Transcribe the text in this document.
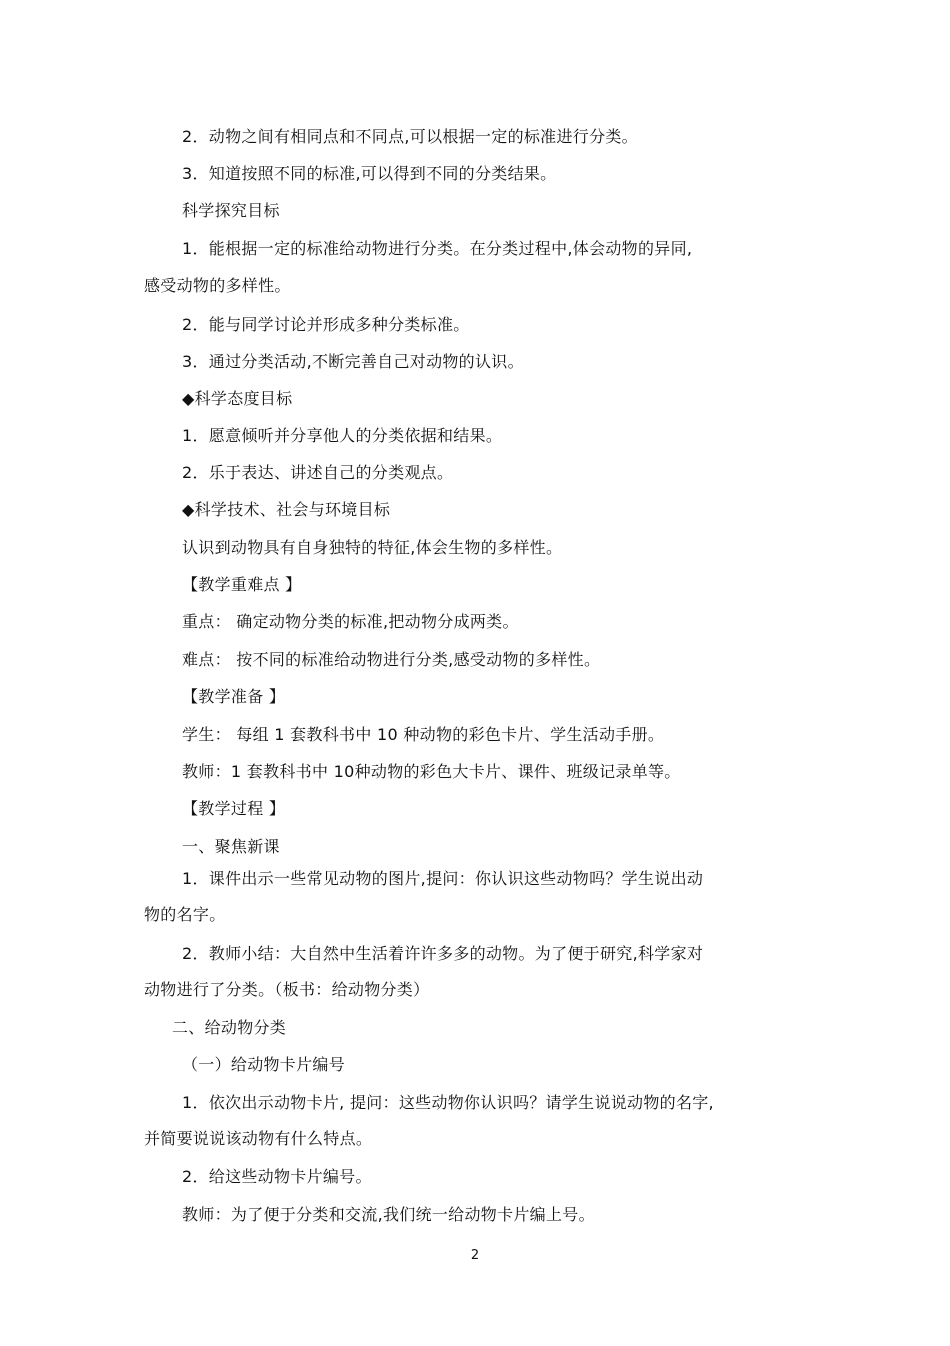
2．动物之间有相同点和不同点,可以根据一定的标准进行分类。
3．知道按照不同的标准,可以得到不同的分类结果。
科学探究目标
1．能根据一定的标准给动物进行分类。在分类过程中,体会动物的异同,
感受动物的多样性。
2．能与同学讨论并形成多种分类标准。
3．通过分类活动,不断完善自己对动物的认识。
◆科学态度目标
1．愿意倾听并分享他人的分类依据和结果。
2．乐于表达、讲述自己的分类观点。
◆科学技术、社会与环境目标
认识到动物具有自身独特的特征,体会生物的多样性。
【教学重难点 】
重点： 确定动物分类的标准,把动物分成两类。
难点： 按不同的标准给动物进行分类,感受动物的多样性。
【教学准备 】
学生： 每组 1 套教科书中 10 种动物的彩色卡片、学生活动手册。
教师：1 套教科书中 10种动物的彩色大卡片、课件、班级记录单等。
【教学过程 】
一、聚焦新课
1．课件出示一些常见动物的图片,提问：你认识这些动物吗？学生说出动
物的名字。
2．教师小结：大自然中生活着许许多多的动物。为了便于研究,科学家对
动物进行了分类。（板书：给动物分类）
二、给动物分类
（一）给动物卡片编号
1．依次出示动物卡片, 提问：这些动物你认识吗？请学生说说动物的名字,
并简要说说该动物有什么特点。
2．给这些动物卡片编号。
教师：为了便于分类和交流,我们统一给动物卡片编上号。
2
